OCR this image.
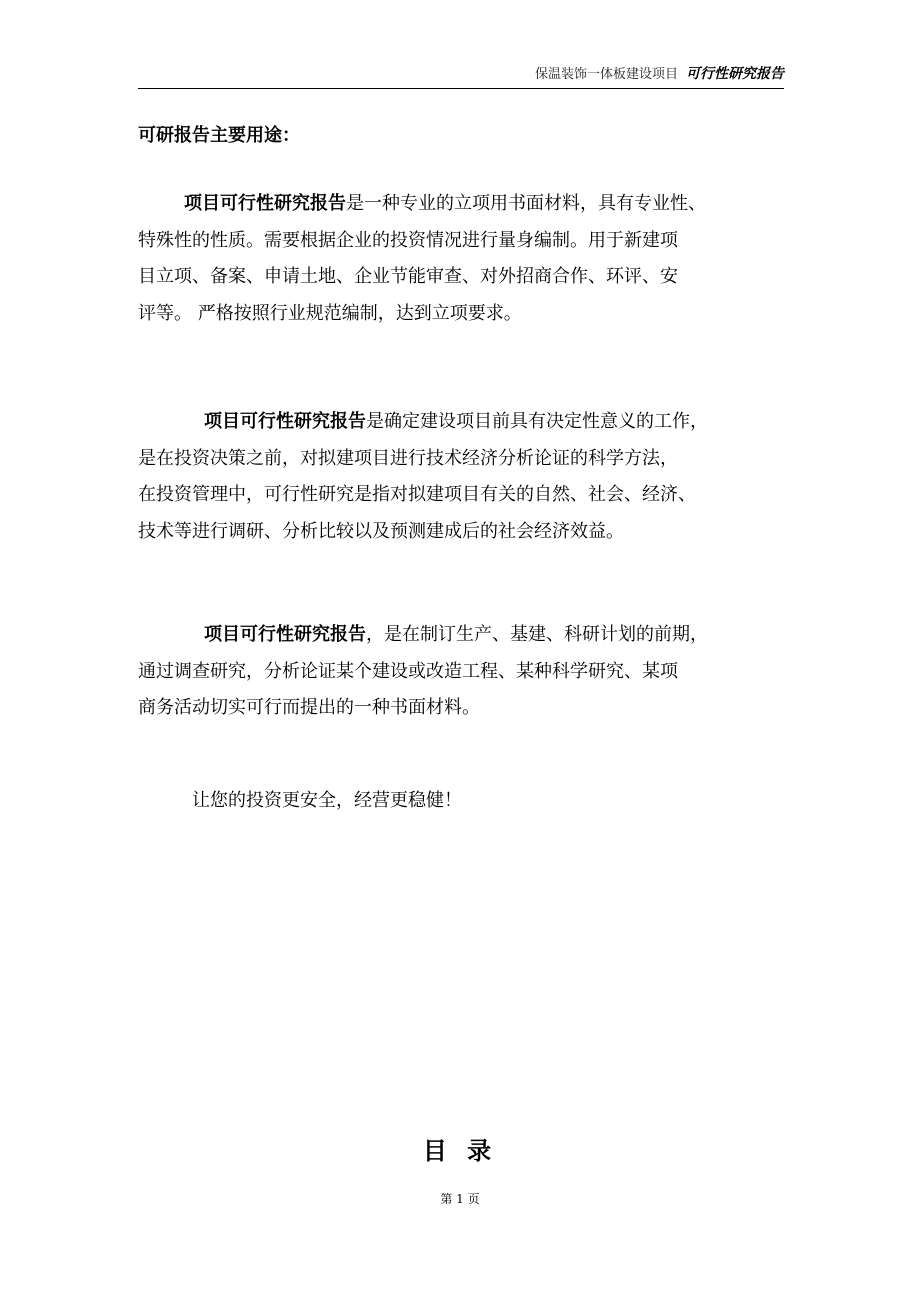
保温装饰一体板建设项目 可行性研究报告
可研报告主要用途：
项目可行性研究报告是一种专业的立项用书面材料，具有专业性、
特殊性的性质。需要根据企业的投资情况进行量身编制。用于新建项
目立项、备案、申请土地、企业节能审查、对外招商合作、环评、安
评等。 严格按照行业规范编制，达到立项要求。
项目可行性研究报告是确定建设项目前具有决定性意义的工作，
是在投资决策之前，对拟建项目进行技术经济分析论证的科学方法，
在投资管理中，可行性研究是指对拟建项目有关的自然、社会、经济、
技术等进行调研、分析比较以及预测建成后的社会经济效益。
项目可行性研究报告，是在制订生产、基建、科研计划的前期，
通过调查研究，分析论证某个建设或改造工程、某种科学研究、某项
商务活动切实可行而提出的一种书面材料。
让您的投资更安全，经营更稳健！
目 录
第 1 页
